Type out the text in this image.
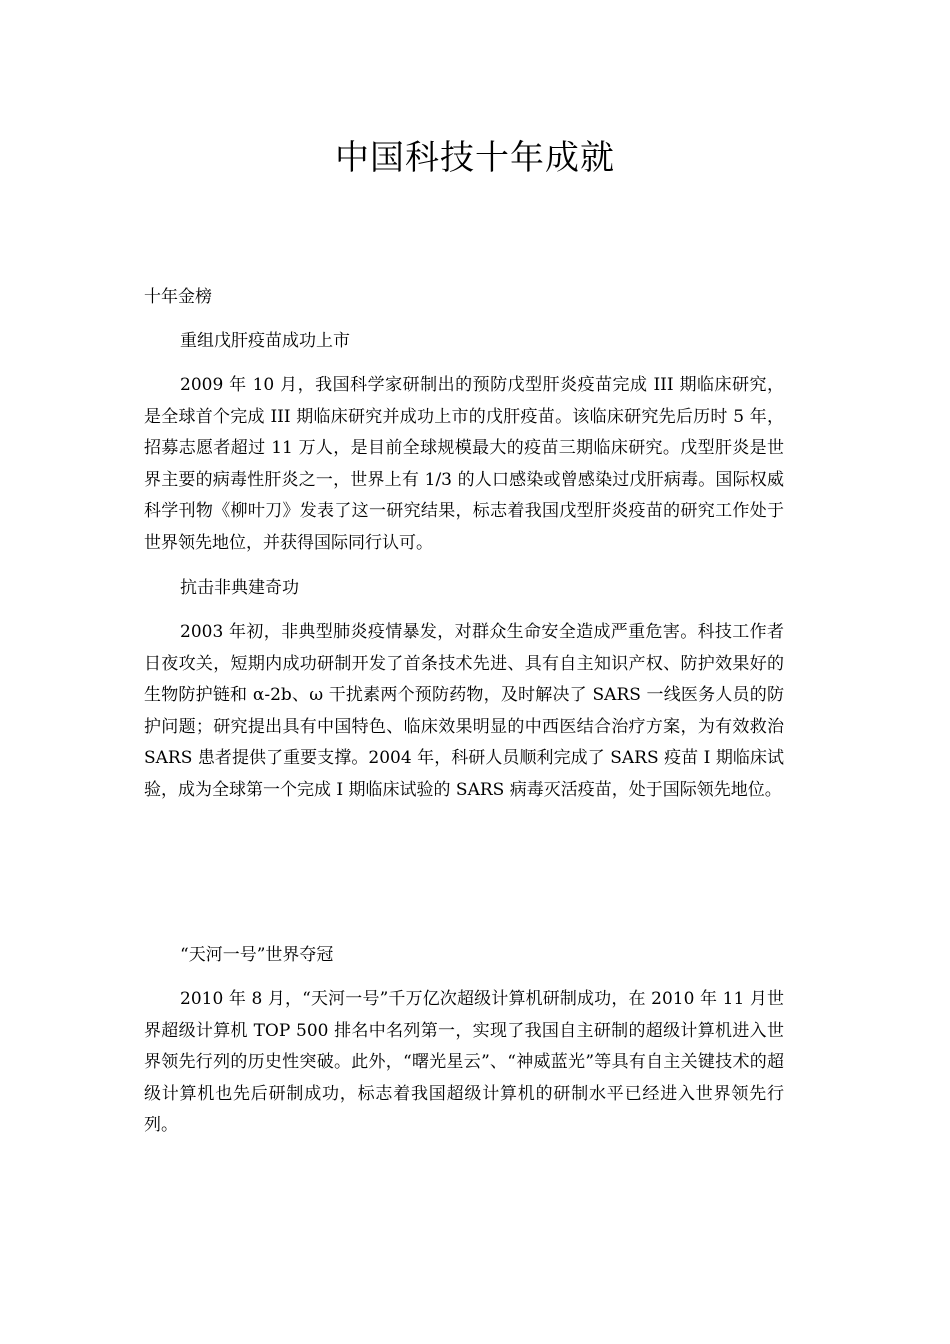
中国科技十年成就

十年金榜

重组戊肝疫苗成功上市

2009 年 10 月，我国科学家研制出的预防戊型肝炎疫苗完成 III 期临床研究，是全球首个完成 III 期临床研究并成功上市的戊肝疫苗。该临床研究先后历时 5 年，招募志愿者超过 11 万人，是目前全球规模最大的疫苗三期临床研究。戊型肝炎是世界主要的病毒性肝炎之一，世界上有 1/3 的人口感染或曾感染过戊肝病毒。国际权威科学刊物《柳叶刀》发表了这一研究结果，标志着我国戊型肝炎疫苗的研究工作处于世界领先地位，并获得国际同行认可。

抗击非典建奇功

2003 年初，非典型肺炎疫情暴发，对群众生命安全造成严重危害。科技工作者日夜攻关，短期内成功研制开发了首条技术先进、具有自主知识产权、防护效果好的生物防护链和 α-2b、ω 干扰素两个预防药物，及时解决了 SARS 一线医务人员的防护问题；研究提出具有中国特色、临床效果明显的中西医结合治疗方案，为有效救治 SARS 患者提供了重要支撑。2004 年，科研人员顺利完成了 SARS 疫苗 I 期临床试验，成为全球第一个完成 I 期临床试验的 SARS 病毒灭活疫苗，处于国际领先地位。

“天河一号”世界夺冠

2010 年 8 月，“天河一号”千万亿次超级计算机研制成功，在 2010 年 11 月世界超级计算机 TOP 500 排名中名列第一，实现了我国自主研制的超级计算机进入世界领先行列的历史性突破。此外，“曙光星云”、“神威蓝光”等具有自主关键技术的超级计算机也先后研制成功，标志着我国超级计算机的研制水平已经进入世界领先行列。
